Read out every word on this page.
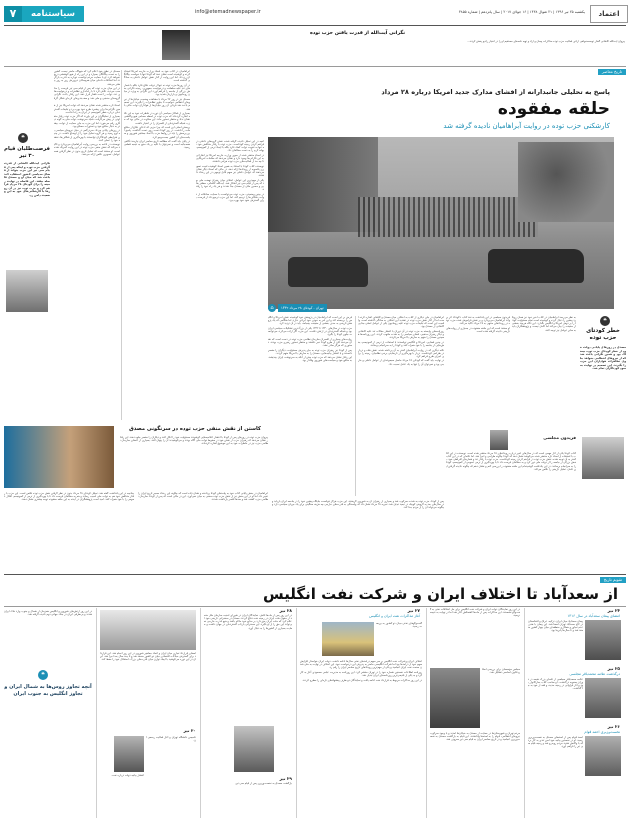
۷	سیاستنامه	info@etemadnewspaper.ir	یکشنبه ۲۵ تیر ۱۳۹۶ | ۲۱ شوال ۱۴۳۸ | ۱۶ جولای ۲۰۱۷ | سال پانزدهم | شماره ۳۸۵۵	اعتماد
نگرانی آیت‌الله از قدرت یافتن حزب توده
پیروان آیت‌الله کاشانی گفتار توسعه‌خواهی آزادی فعالیت حزب توده‌ مذاکرات پیمان و آزاد و تهیه نامه‌های مستقیم او را در اختیار رادیو پخش کردند...
تاریخ معاصر
❝
فرصت‌طلبان قیام ۳۰ تیر

نگرانی آیت‌الله کاشانی از قدرت گرفتن حزب توده و اینکه پس از قیام سی تیر این حزب بتواند از فضای سیاسی کشور استفاده کند باعث شد که میان او و مصدق فاصله بیفتد. این فاصله در نهایت زمینه را برای کودتای ۲۸ مرداد فراهم کرد و حزب توده نیز در آن روزها با کارشکنی‌های خود به این وضعیت دامن زد.

مصدق در نطق خود اعلام کرد که هیچ‌گاه حاضر نیست کشور را به دست بیگانگان بسپارد و در این راه از هیچ کوششی دریغ نخواهد کرد. او با حمایت مردم توانست دوباره به قدرت بازگردد اما اختلافات داخلی میان هم‌پیمانان دیروزش روز به روز بیشتر می‌شد.

در این میان حزب توده که پس از قیام سی تیر فرصت را مناسب می‌دید، تلاش کرد تا با راه‌اندازی تظاهرات و درخواست‌های تند، دولت را تحت فشار قرار دهد. این رفتار باعث نگرانی گروه‌های مذهبی و ملی شد و صف‌بندی‌های تازه‌ای شکل گرفت.

اسناد تازه منتشر شده نشان می‌دهد که دولت امریکا نیز از همین نگرانی‌ها برای پیشبرد طرح خود بهره برد و تبلیغات گسترده‌ای درباره خطر کمونیسم در ایران به راه انداخت.

بسیاری از تحلیلگران بر این باورند که اگر حزب توده رفتار متفاوتی در پیش می‌گرفت، شاید سرنوشت دولت ملی به گونه دیگری رقم می‌خورد. اما این حزب به جای حمایت از دولت، بیشتر به دنبال منافع خود و دستورات مسکو بود.

در روزهای پایانی مرداد، سردرگمی در میان نیروهای سیاسی به اوج رسید و هر گروه تحلیل خود را از اوضاع داشت. در چنین شرایطی کودتاگران توانستند با بهره‌گیری از شکاف‌ها، نقشه خود را عملی کنند.

نویسنده در ادامه به بررسی روایت آبراهامیان می‌پردازد و تاکید می‌کند که نقش منفی حزب توده در این روایت کمرنگ شده است. او معتقد است که تحلیل تاریخ بدون در نظر گرفتن همه عوامل، تصویری ناقص ارائه می‌دهد.

آبراهامیان در کتاب خود به اسناد وزارت خارجه امریکا استناد کرده و کوشیده است نشان دهد که کودتا تنها با خواست بیگانگان رخ داد. اما این روایت از کنار نقش عوامل داخلی به سادگی گذشته است.

در آن روزها حزب توده نه تنها از دولت دفاع نکرد بلکه با شعارهای تند علیه سلطنت و درخواست جمهوری، زمینه نگرانی بخش بزرگی از جامعه را فراهم آورد. این نگرانی به ویژه در میان روحانیون و بازاریان شدید بود.

مصدق نیز در روز ۲۷ مرداد با مشاهده وضعیت خیابان‌ها از نیروهای انتظامی خواست تا جلوی تظاهرات را بگیرند. این تصمیم باعث شد فردای آن روز خیابان‌ها از هواداران دولت خالی باشد.

بسیاری از فعالان سیاسی آن دوره در خاطرات خود به این نکته اشاره کرده‌اند که حزب توده در لحظه حساس هیچ واکنشی نشان نداد و منتظر دستور ماند. این سکوت در حالی بود که حزب شبکه گسترده‌ای از افسران را در اختیار داشت.

پرسش اصلی این است که چرا حزبی که ادعای دفاع از منافع ملت را داشت، در روز کودتا دست روی دست گذاشت. پاسخ این پرسش را باید در روابط حزب با اتحاد جماهیر شوروی و سیاست‌های آن کشور جست‌وجو کرد.

در پایان باید گفت که مطالعه تاریخ معاصر ایران نیازمند نگاهی همه‌جانبه است و نمی‌توان با تکیه بر یک منبع به نتیجه قطعی رسید.

پاسخ به تحلیلی جانبدارانه از افشای مدارک جدید امریکا درباره ۲۸ مرداد
حلقه مفقوده
کارشکنی حزب توده در روایت آبراهامیان نادیده گرفته شد
⌂	تهران - کودتای ۲۸ مرداد ۱۳۳۲

آنچه در این تحلیل نادیده گرفته شده، نقش گروه‌های داخلی در فراهم کردن زمینه کودتاست. حزب توده با رفتار متناقض خود نه تنها به تقویت دولت کمک نکرد بلکه با ایجاد ترس از کمونیسم، بهانه لازم را به دست مخالفان داد.

در اسناد منتشر شده از سوی وزارت خارجه امریکا نیز اشاراتی به این نگرانی‌ها وجود دارد و نشان می‌دهد که مقامات امریکایی تا چه حد از فعالیت‌های حزب توده هراس داشتند.

نویسنده کتاب کودتا با استناد به همین اسناد کوشیده است تصویری یکسویه از رویدادها ارائه دهد، در حالی که اسناد دیگر نشان می‌دهند که عوامل داخلی نیز سهم قابل توجهی در این رخداد داشتند.

یکی از مهم‌ترین این عوامل، اختلاف میان رهبران نهضت ملی بود که پس از قیام سی تیر آشکار شد. آیت‌الله کاشانی، مظفر بقایی و حسین مکی از مصدق جدا شدند و هر یک راه خود را رفتند.

در چنین وضعیتی، حزب توده می‌توانست با حمایت صادقانه از دولت، شکاف‌ها را ترمیم کند، اما این حزب ترجیح داد از فرصت برای گسترش نفوذ خود بهره ببرد.

فرض بر این است که آبراهامیان در پژوهش خود کوشیده نقش امریکا و انگلیس را برجسته کند و این امر به خودی خود ایرادی ندارد. اما هنگامی که یک پژوهش تاریخی به حذف بخشی از حقیقت بینجامد، باید در آن تردید کرد.

حزب توده در سال‌های ۱۳۳۰ تا ۱۳۳۲ یکی از بزرگ‌ترین تشکیلات سیاسی ایران بود و شبکه گسترده‌ای در ارتش داشت. این حزب اگر اراده می‌کرد، می‌توانست جلوی کودتا را بگیرد.

روایت‌های بسیاری از افسران سازمان نظامی حزب توده در دست است که نشان می‌دهد آنان از طرح کودتا خبر داشتند و منتظر دستور رهبری حزب بودند، دستوری که هرگز صادر نشد.

پس از کودتا نیز رهبران حزب توده به جای پذیرش مسئولیت، دیگران را مقصر دانستند و با انتشار بیانیه‌هایی، مصدق را به سازش با امریکا متهم کردند.

این رفتار نشان می‌دهد که حزب توده بیش از آنکه به سرنوشت ایران بیندیشد، به منافع خود و سیاست‌های شوروی وفادار بود.

آبراهامیان در جای دیگری از کتاب به اختلاف میان مصدق و کاشانی اشاره کرده است اما از کنار نقش حزب توده در تشدید این اختلاف به سادگی گذشته است. واقعیت این است که تبلیغات حزب توده علیه روحانیون یکی از عوامل اصلی جدایی کاشانی از مصدق بود.

روزنامه‌های وابسته به حزب توده در آن دوران با انتشار مقالات تند علیه کاشانی و دیگر رهبران مذهبی، فضای سیاسی را به شدت ملتهب کردند. این روزنامه‌ها همچنین مصدق را متهم به سازش با امریکا می‌کردند.

در چنین فضایی، امریکا و انگلیس توانستند با استفاده از ترس از کمونیسم، بخش‌هایی از جامعه را با خود همراه کنند و کودتا را به سرانجام برسانند.

نکته دیگری که در روایت آبراهامیان کمتر به آن پرداخته شده، نقش شاه و دربار در طراحی کودتاست. دربار با بهره‌گیری از نارضایتی برخی نظامیان، زمینه را برای اجرای طرح فراهم کرد.

در نهایت باید گفت که کودتای ۲۸ مرداد حاصل مجموعه‌ای از عوامل داخلی و خارجی بود و نمی‌توان آن را تنها به یک عامل نسبت داد.

❝
خطر کودتای حزب توده

مصدق در روزهای پایانی دولت خود از خطر کودتای حزب توده بیمناک بود و همین نگرانی باعث شد که از نیروهای انتظامی بخواهد جلوی تظاهرات هواداران این حزب را بگیرند. این تصمیم در نهایت به سود کودتاگران تمام شد.

فریدون مجلسی در این یادداشت به نقد کتاب «کودتا» اثر یرواند آبراهامیان می‌پردازد و بر نقش فراموش شده حزب توده در رویدادهای منتهی به ۲۸ مرداد تاکید می‌کند.

او معتقد است که این حلقه مفقوده در بسیاری از روایت‌های تاریخی نادیده گرفته شده است.

به نظر می‌رسد آبراهامیان در کتاب اخیر خود نیز همان رویکرد پیشین را دنبال کرده و کوشیده است تمام مسئولیت کودتا را بر دوش امریکا و انگلیس بگذارد. این نگاه هرچند بخشی از حقیقت را بیان می‌کند اما کامل نیست و پژوهشگران باید به سایر عوامل نیز توجه کنند.

فریدون مجلسی

کتاب کودتا یکی از آثار مهمی است که در سال‌های اخیر درباره رویدادهای ۲۸ مرداد منتشر شده است. نویسنده در این کتاب با استفاده از اسناد تازه منتشر شده می‌کوشد نشان دهد که کودتا چگونه طراحی و اجرا شد. اما نکته‌ای که در این کتاب کمتر به آن توجه شده، نقش حزب توده در فراهم کردن زمینه کودتاست. حزب توده با رفتار تند و شعارهای افراطی خود، بخش بزرگی از جامعه را از دولت ملی دور کرد و به مخالفان فرصت داد تا با بهره‌گیری از ترس عمومی از کمونیسم، کودتا را به سرانجام برسانند. در این یادداشت کوشیده‌ام این حلقه مفقوده را بررسی کنم و نشان دهم که چگونه نادیده گرفتن این عامل، تحلیل تاریخی را ناقص می‌کند.

کاستن از نقش منفی حزب توده در سرنگونی مصدق

پیروان حزب توده در روزهای پس از کودتا با انتشار اعلامیه‌هایی کوشیدند مسئولیت خود را انکار کنند و دیگران را مقصر جلوه دهند. این رفتار نشان می‌دهد که رهبران حزب از نقش خود در سقوط دولت ملی آگاه بودند و می‌کوشیدند آن را پنهان کنند. بسیاری از اعضای سازمان نظامی حزب نیز در خاطرات خود به این موضوع اشاره کرده‌اند.

چنانچه در این یادداشت گفته شد، تحلیل کودتای ۲۸ مرداد بدون در نظر گرفتن نقش حزب توده ناقص است. این حزب با رفتار متناقض خود هم به دولت ملی آسیب رساند و هم به مخالفان فرصت داد تا با بهره‌گیری از ترس از کمونیسم، افکار عمومی را با خود همراه کنند. امید است پژوهشگران در آینده به این حلقه مفقوده توجه بیشتری نشان دهند.

آبراهامیان در بخش پایانی کتاب خود به پیامدهای کودتا پرداخته و نشان داده است که چگونه این رخداد مسیر تاریخ ایران را تغییر داد. اما او در این بخش نیز از نقش حزب توده سخنی به میان نمی‌آورد. این در حالی است که پس از کودتا، سازمان نظامی حزب کشف شد و صدها افسر بازداشت شدند.

پس از کودتا، حزب توده به شدت سرکوب شد و بسیاری از رهبران آن به شوروی گریختند. این حزب هرگز نتوانست جایگاه پیشین خود را در جامعه ایران بازیابد و در سال‌های بعد به گروهی کوچک در تبعید تبدیل شد. تجربه ۲۸ مرداد نشان داد که وابستگی به قدرت‌های خارجی چه هزینه سنگینی برای یک جریان سیاسی دارد و چگونه می‌تواند آن را از مردم جدا کند.

تقویم تاریخ
از سعدآباد تا اختلاف ایران و شرکت نفت انگلیس
۲۴ تیر
امضای پیمان سعدآباد در سال ۱۳۱۶

پیمان سعدآباد میان ایران، ترکیه، عراق و افغانستان در کاخ سعدآباد تهران امضا شد. این پیمان با هدف عدم تجاوز و همکاری منطقه‌ای میان چهار کشور منعقد شد و تا سال‌ها پابرجا بود.

۲۵ تیر
درگذشت علامه محمدباقر مجلسی

علامه محمدباقر مجلسی از علمای بزرگ شیعه در دوران صفویه درگذشت. او صاحب کتاب بحارالانوار بود و آثار فراوانی در زمینه حدیث و فقه از خود به جا گذاشت.

۲۶ تیر
نخست‌وزیری احمد قوام

احمد قوام پس از استعفای مصدق به نخست‌وزیری رسید. او در نخستین بیانیه خود لحن تندی به کار برد که با واکنش شدید مردم روبه‌رو شد و زمینه قیام سی تیر را فراهم آورد.

در این روز نمایندگان دولت ایران و شرکت نفت انگلیس برای حل اختلافات نفتی به گفت‌وگو نشستند. این مذاکرات پس از ماه‌ها کشمکش آغاز شد اما در نهایت به نتیجه نرسید.

مجلس مؤسسان برای بررسی اصلاح قانون اساسی تشکیل شد.

مردم تهران و شهرستان‌ها در حمایت از مصدق به خیابان‌ها آمدند و با وجود سرکوب نیروهای انتظامی، قوام را به استعفا واداشتند. این قیام به بازگشت مصدق به نخست‌وزیری انجامید و در تاریخ معاصر ایران به قیام سی تیر معروف شد.

۲۷ تیر
آغاز مذاکرات نفت ایران و انگلیس

گفت‌وگوهای نفتی میان دو کشور به بن‌بست رسید.

اختلاف ایران و شرکت نفت انگلیس بر سر سهم درآمدهای نفتی سال‌ها ادامه داشت. دولت ایران خواستار افزایش سهم خود از درآمدها بود اما شرکت انگلیسی حاضر به پذیرش این درخواست نبود. این اختلاف در نهایت به ملی شدن صنعت نفت ایران انجامید و یکی از مهم‌ترین رویدادهای تاریخ معاصر ایران را رقم زد.

روزنامه اطلاعات نخستین شماره خود را در تهران منتشر کرد. این روزنامه به مدیریت عباس مسعودی آغاز به کار کرد و به یکی از قدیمی‌ترین روزنامه‌های ایران تبدیل شد.

در این روز مذاکرات مربوط به قرارداد نفت ادامه یافت و نمایندگان دو طرف پیشنهادهای تازه‌ای را مطرح کردند.

۲۸ تیر

در این روز پس از ماه‌ها تلاش، نمایندگان ایران در شورای امنیت سازمان ملل متحد از حقوق ملت ایران در زمینه نفت دفاع کردند. مصدق در سخنرانی تاریخی خود اعلام کرد که ملت ایران حق دارد بر منابع خود حاکم باشد و هیچ قدرت خارجی نمی‌تواند این حق را از او بگیرد. این سخنرانی بازتاب گسترده‌ای در جهان داشت و حمایت بسیاری از کشورها را به دنبال آورد.

۲۹ تیر

بازگشت مصدق به نخست‌وزیری پس از قیام سی تیر.

امضای قرارداد تجاری میان ایران و اتحاد جماهیر شوروی در این روز انجام شد. این قرارداد برای گسترش مبادلات اقتصادی میان دو کشور منعقد شد و تا چند سال بعد اجرا شد. ایران در این دوره می‌کوشید با ایجاد توازن میان قدرت‌های بزرگ، استقلال خود را حفظ کند.

۳۰ تیر

تأسیس دانشگاه تهران و آغاز فعالیت رسمی آن.

انتشار بیانیه دولت درباره نفت.

❝
آنچه تجاوز روس‌ها به شمال ایران و تجاوز انگلیس به جنوب ایران

در این روز ارتش‌های شوروی و انگلیس همزمان از شمال و جنوب وارد خاک ایران شدند و بی‌طرفی ایران در جنگ جهانی دوم نادیده گرفته شد.
